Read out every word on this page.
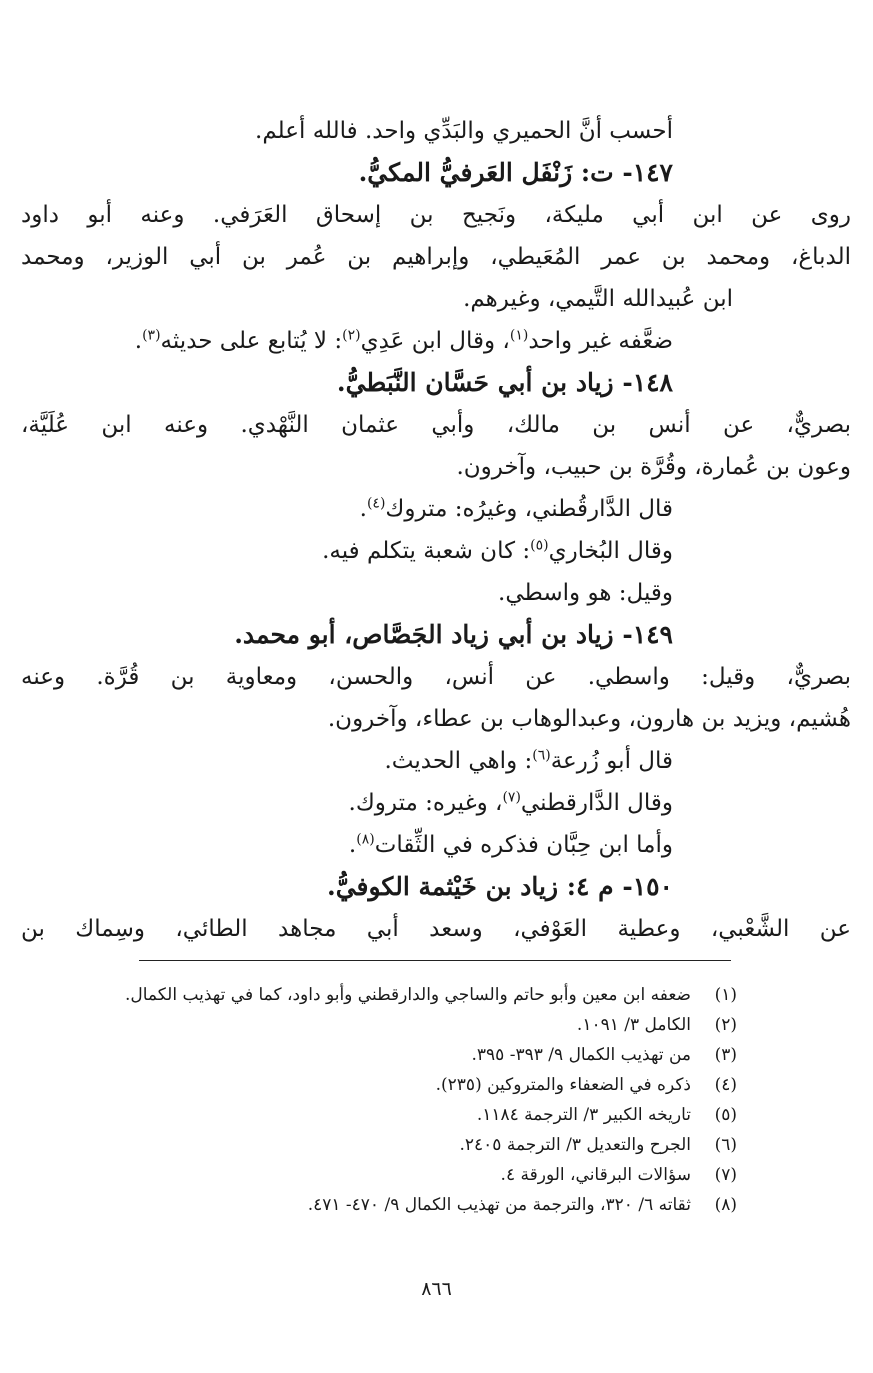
أحسب أنَّ الحميري والبَدِّي واحد. فالله أعلم.
١٤٧- ت: زَنْفَل العَرفيُّ المكيُّ.
روى عن ابن أبي مليكة، ونَجيح بن إسحاق العَرَفي. وعنه أبو داود
الدباغ، ومحمد بن عمر المُعَيطي، وإبراهيم بن عُمر بن أبي الوزير، ومحمد
ابن عُبيدالله التَّيمي، وغيرهم.
ضعَّفه غير واحد$^{(١)}$، وقال ابن عَدِي$^{(٢)}$: لا يُتابع على حديثه$^{(٣)}$.
١٤٨- زياد بن أبي حَسَّان النَّبَطيُّ.
بصريٌّ، عن أنس بن مالك، وأبي عثمان النَّهْدي. وعنه ابن عُلَيَّة،
وعون بن عُمارة، وقُرَّة بن حبيب، وآخرون.
قال الدَّارقُطني، وغيرُه: متروك$^{(٤)}$.
وقال البُخاري$^{(٥)}$: كان شعبة يتكلم فيه.
وقيل: هو واسطي.
١٤٩- زياد بن أبي زياد الجَصَّاص، أبو محمد.
بصريٌّ، وقيل: واسطي. عن أنس، والحسن، ومعاوية بن قُرَّة. وعنه
هُشيم، ويزيد بن هارون، وعبدالوهاب بن عطاء، وآخرون.
قال أبو زُرعة$^{(٦)}$: واهي الحديث.
وقال الدَّارقطني$^{(٧)}$، وغيره: متروك.
وأما ابن حِبَّان فذكره في الثِّقات$^{(٨)}$.
١٥٠- م ٤: زياد بن خَيْثمة الكوفيُّ.
عن الشَّعْبي، وعطية العَوْفي، وسعد أبي مجاهد الطائي، وسِماك بن
(١)
ضعفه ابن معين وأبو حاتم والساجي والدارقطني وأبو داود، كما في تهذيب الكمال.
(٢)
الكامل ٣/ ١٠٩١.
(٣)
من تهذيب الكمال ٩/ ٣٩٣- ٣٩٥.
(٤)
ذكره في الضعفاء والمتروكين (٢٣٥).
(٥)
تاريخه الكبير ٣/ الترجمة ١١٨٤.
(٦)
الجرح والتعديل ٣/ الترجمة ٢٤٠٥.
(٧)
سؤالات البرقاني، الورقة ٤.
(٨)
ثقاته ٦/ ٣٢٠، والترجمة من تهذيب الكمال ٩/ ٤٧٠- ٤٧١.
٨٦٦
